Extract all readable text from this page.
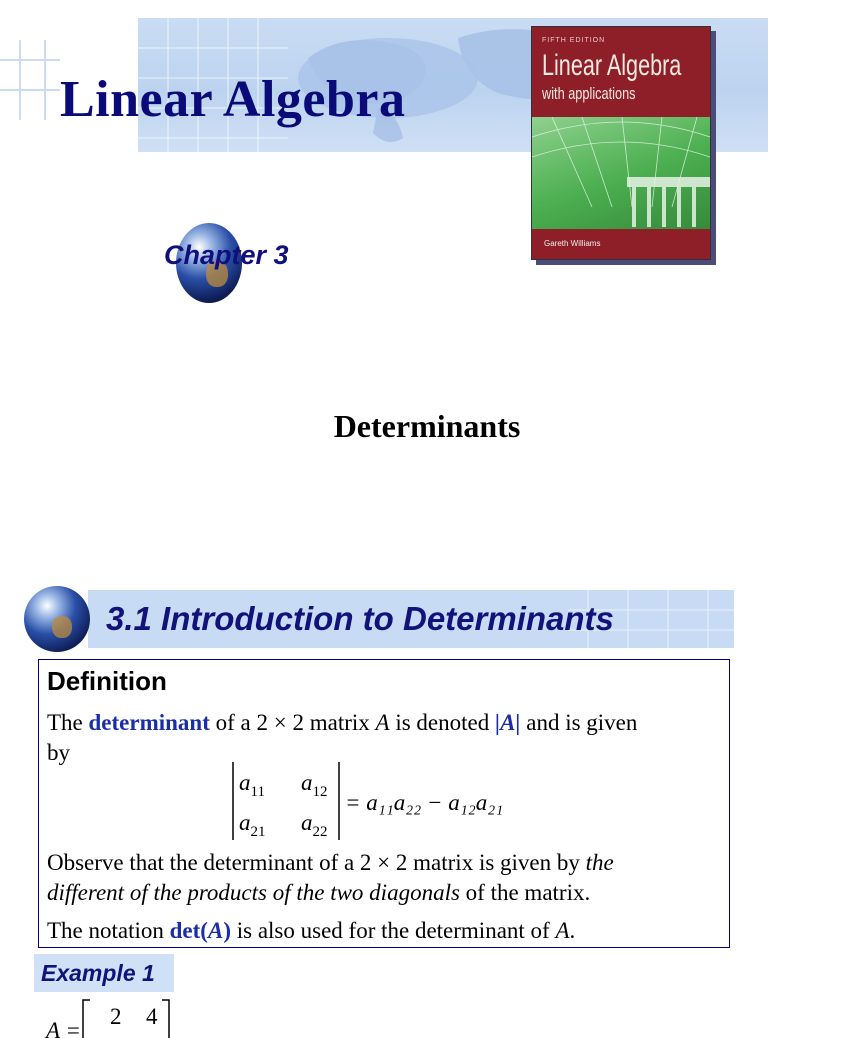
Linear Algebra
FIFTH EDITION
Linear Algebra
with applications
Gareth Williams
Chapter 3
Determinants
3.1 Introduction to Determinants
Definition
The determinant of a 2 × 2 matrix A is denoted |A| and is given
by
$a_{11}$ $a_{12}$
$a_{21}$ $a_{22}$
= a₁₁a₂₂ − a₁₂a₂₁
Observe that the determinant of a 2 × 2 matrix is given by the
different of the products of the two diagonals of the matrix.
The notation det(A) is also used for the determinant of A.
Example 1
A =
2 4
